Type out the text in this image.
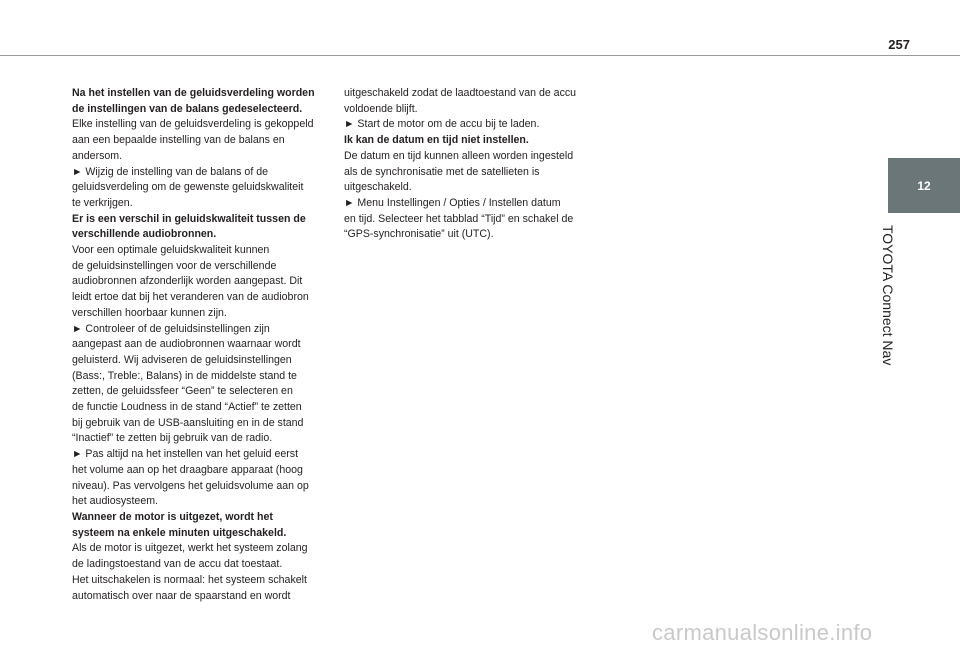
257
12
TOYOTA Connect Nav

Na het instellen van de geluidsverdeling worden

de instellingen van de balans gedeselecteerd.

Elke instelling van de geluidsverdeling is gekoppeld

aan een bepaalde instelling van de balans en

andersom.

► Wijzig de instelling van de balans of de

geluidsverdeling om de gewenste geluidskwaliteit

te verkrijgen.

Er is een verschil in geluidskwaliteit tussen de

verschillende audiobronnen.

Voor een optimale geluidskwaliteit kunnen

de geluidsinstellingen voor de verschillende

audiobronnen afzonderlijk worden aangepast. Dit

leidt ertoe dat bij het veranderen van de audiobron

verschillen hoorbaar kunnen zijn.

► Controleer of de geluidsinstellingen zijn

aangepast aan de audiobronnen waarnaar wordt

geluisterd. Wij adviseren de geluidsinstellingen

(Bass:, Treble:, Balans) in de middelste stand te

zetten, de geluidssfeer “Geen” te selecteren en

de functie Loudness in de stand “Actief” te zetten

bij gebruik van de USB-aansluiting en in de stand

“Inactief” te zetten bij gebruik van de radio.

► Pas altijd na het instellen van het geluid eerst

het volume aan op het draagbare apparaat (hoog

niveau). Pas vervolgens het geluidsvolume aan op

het audiosysteem.

Wanneer de motor is uitgezet, wordt het

systeem na enkele minuten uitgeschakeld.

Als de motor is uitgezet, werkt het systeem zolang

de ladingstoestand van de accu dat toestaat.

Het uitschakelen is normaal: het systeem schakelt

automatisch over naar de spaarstand en wordt

uitgeschakeld zodat de laadtoestand van de accu

voldoende blijft.

► Start de motor om de accu bij te laden.

Ik kan de datum en tijd niet instellen.

De datum en tijd kunnen alleen worden ingesteld

als de synchronisatie met de satellieten is

uitgeschakeld.

► Menu Instellingen / Opties / Instellen datum

en tijd. Selecteer het tabblad “Tijd” en schakel de

“GPS-synchronisatie” uit (UTC).

carmanualsonline.info
